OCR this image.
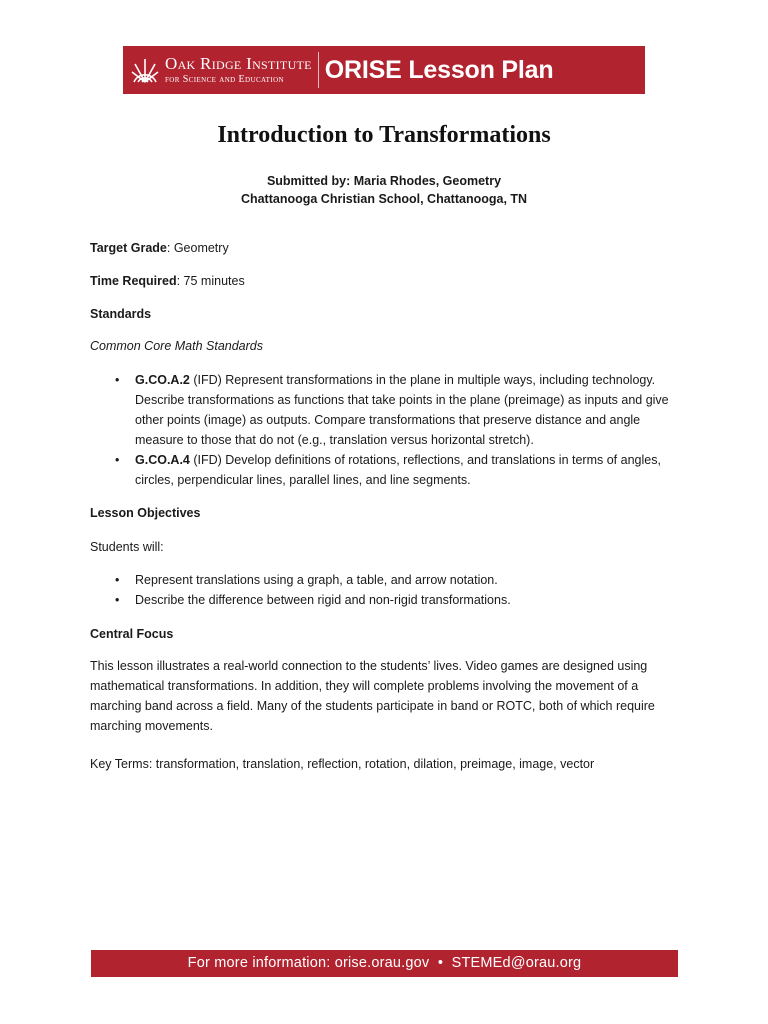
Oak Ridge Institute
for Science and Education	ORISE Lesson Plan
Introduction to Transformations
Submitted by: Maria Rhodes, Geometry
Chattanooga Christian School, Chattanooga, TN
Target Grade: Geometry
Time Required: 75 minutes
Standards
Common Core Math Standards
• G.CO.A.2 (IFD) Represent transformations in the plane in multiple ways, including technology. Describe transformations as functions that take points in the plane (preimage) as inputs and give other points (image) as outputs. Compare transformations that preserve distance and angle measure to those that do not (e.g., translation versus horizontal stretch).
• G.CO.A.4 (IFD) Develop definitions of rotations, reflections, and translations in terms of angles, circles, perpendicular lines, parallel lines, and line segments.
Lesson Objectives
Students will:
• Represent translations using a graph, a table, and arrow notation.
• Describe the difference between rigid and non-rigid transformations.
Central Focus
This lesson illustrates a real-world connection to the students’ lives. Video games are designed using mathematical transformations. In addition, they will complete problems involving the movement of a marching band across a field. Many of the students participate in band or ROTC, both of which require marching movements.
Key Terms: transformation, translation, reflection, rotation, dilation, preimage, image, vector
For more information: orise.orau.gov  •  STEMEd@orau.org
